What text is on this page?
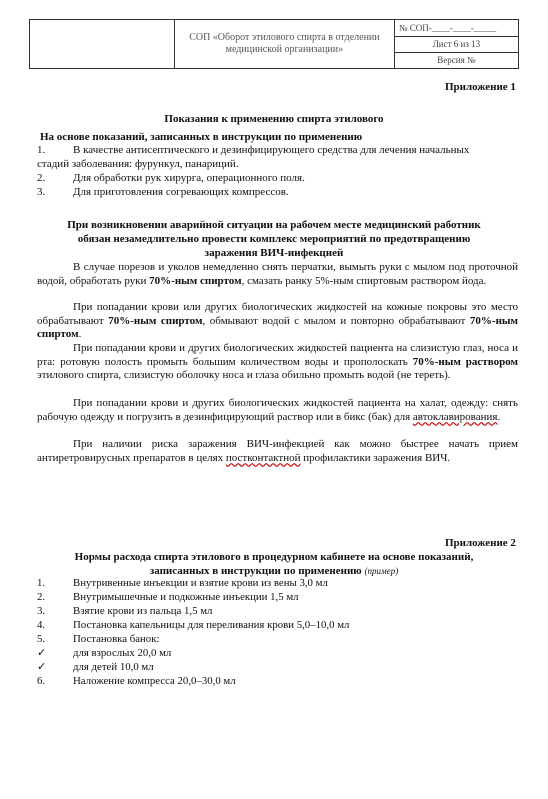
СОП «Оборот этилового спирта в отделении
медицинской организации»

№ СОП-____-____-_____
Лист 6 из 13
Версия №
Приложение 1
Показания к применению спирта этилового
На основе показаний, записанных в инструкции по применению
1.	В качестве антисептического и дезинфицирующего средства для лечения начальных
стадий заболевания: фурункул, панариций.
2.	Для обработки рук хирурга, операционного поля.
3.	Для приготовления согревающих компрессов.
При возникновении аварийной ситуации на рабочем месте медицинский работник
обязан незамедлительно провести комплекс мероприятий по предотвращению
заражения ВИЧ-инфекцией
В случае порезов и уколов немедленно снять перчатки, вымыть руки с мылом под проточной водой, обработать руки 70%-ным спиртом, смазать ранку 5%-ным спиртовым раствором йода.
При попадании крови или других биологических жидкостей на кожные покровы это место обрабатывают 70%-ным спиртом, обмывают водой с мылом и повторно обрабатывают 70%-ным спиртом.
При попадании крови и других биологических жидкостей пациента на слизистую глаз, носа и рта: ротовую полость промыть большим количеством воды и прополоскать 70%-ным раствором этилового спирта, слизистую оболочку носа и глаза обильно промыть водой (не тереть).
При попадании крови и других биологических жидкостей пациента на халат, одежду: снять рабочую одежду и погрузить в дезинфицирующий раствор или в бикс (бак) для автоклавирования.
При наличии риска заражения ВИЧ-инфекцией как можно быстрее начать прием антиретровирусных препаратов в целях постконтактной профилактики заражения ВИЧ.
Приложение 2
Нормы расхода спирта этилового в процедурном кабинете на основе показаний,
записанных в инструкции по применению (пример)
1.	Внутривенные инъекции и взятие крови из вены 3,0 мл
2.	Внутримышечные и подкожные инъекции 1,5 мл
3.	Взятие крови из пальца 1,5 мл
4.	Постановка капельницы для переливания крови 5,0–10,0 мл
5.	Постановка банок:
✓ для взрослых 20,0 мл
✓ для детей 10,0 мл
6.	Наложение компресса 20,0–30,0 мл
